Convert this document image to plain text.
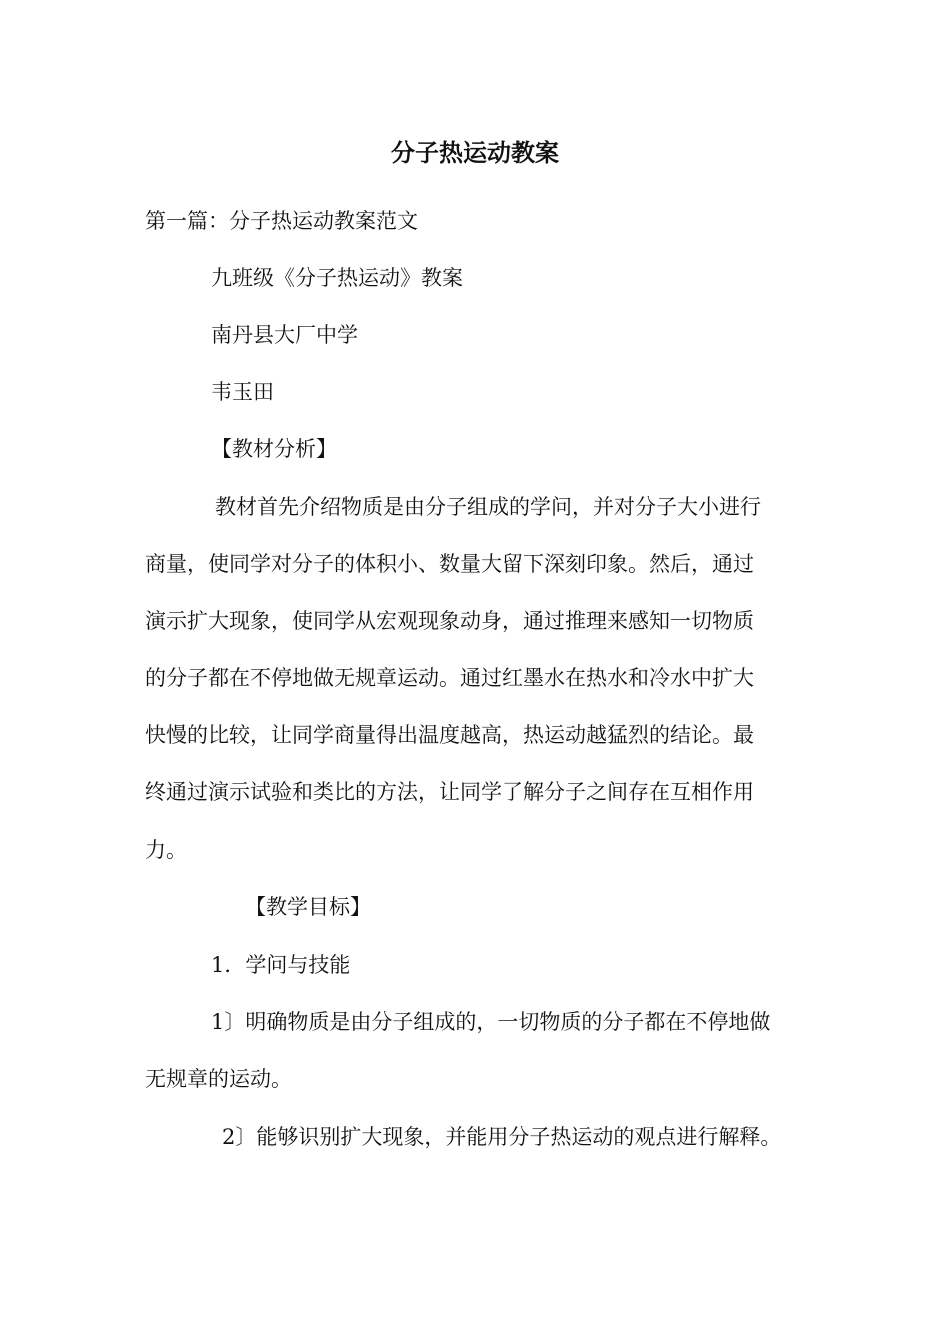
分子热运动教案
第一篇：分子热运动教案范文
九班级《分子热运动》教案
南丹县大厂中学
韦玉田
【教材分析】
教材首先介绍物质是由分子组成的学问，并对分子大小进行
商量，使同学对分子的体积小、数量大留下深刻印象。然后，通过
演示扩大现象，使同学从宏观现象动身，通过推理来感知一切物质
的分子都在不停地做无规章运动。通过红墨水在热水和冷水中扩大
快慢的比较，让同学商量得出温度越高，热运动越猛烈的结论。最
终通过演示试验和类比的方法，让同学了解分子之间存在互相作用
力。
【教学目标】
1．学问与技能
1〕明确物质是由分子组成的，一切物质的分子都在不停地做
无规章的运动。
2〕能够识别扩大现象，并能用分子热运动的观点进行解释。
